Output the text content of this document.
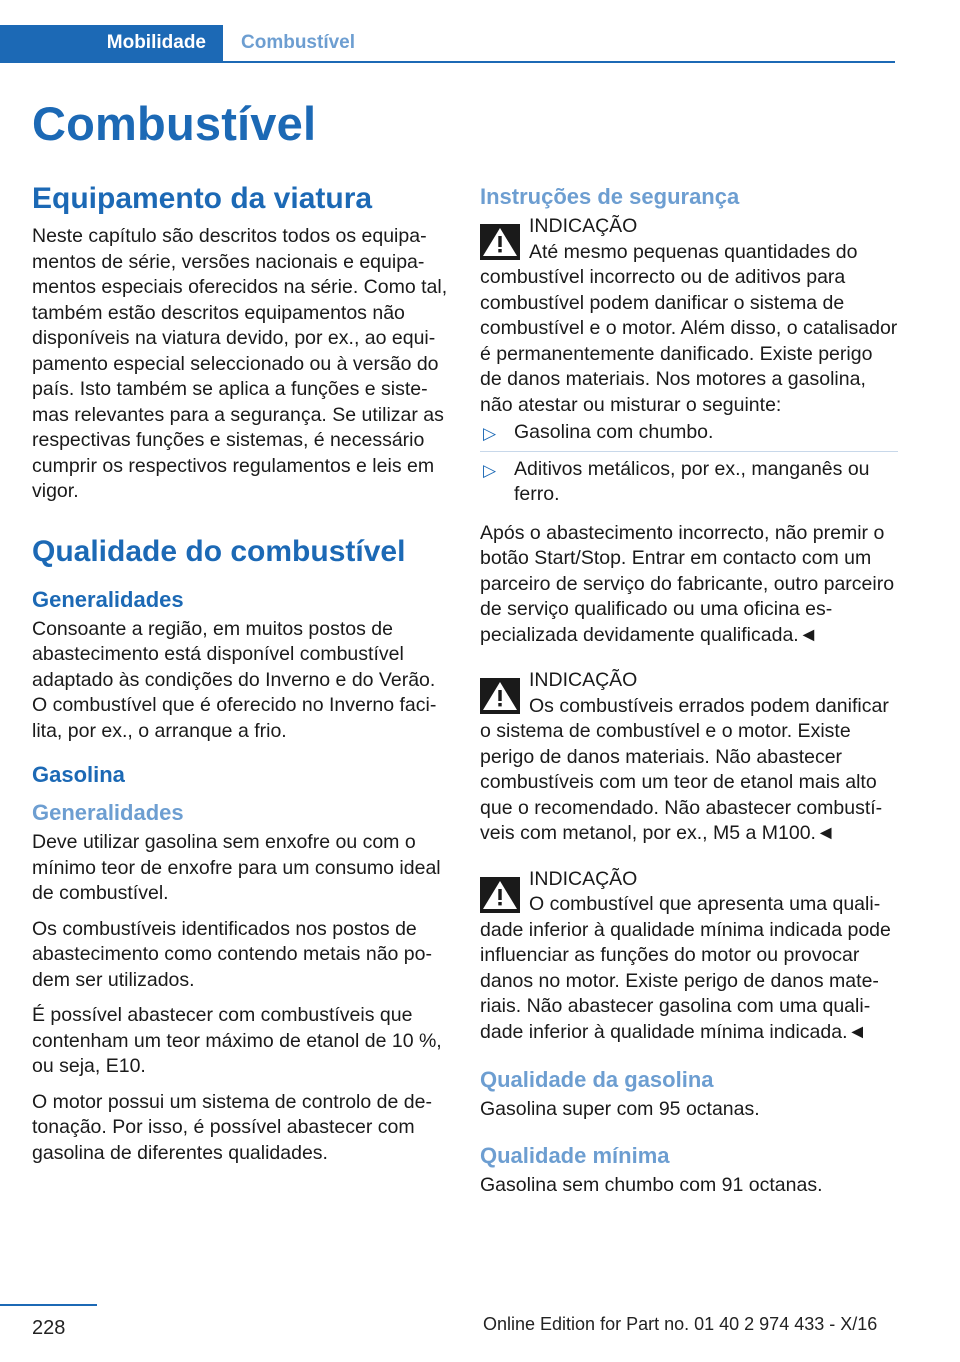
Mobilidade Combustível
Combustível
Equipamento da viatura

Neste capítulo são descritos todos os equipamentos de série, versões nacionais e equipamentos especiais oferecidos na série. Como tal, também estão descritos equipamentos não disponíveis na viatura devido, por ex., ao equipamento especial seleccionado ou à versão do país. Isto também se aplica a funções e sistemas relevantes para a segurança. Se utilizar as respectivas funções e sistemas, é necessário cumprir os respectivos regulamentos e leis em vigor.

Qualidade do combustível
Generalidades

Consoante a região, em muitos postos de abastecimento está disponível combustível adaptado às condições do Inverno e do Verão. O combustível que é oferecido no Inverno facilita, por ex., o arranque a frio.

Gasolina
Generalidades

Deve utilizar gasolina sem enxofre ou com o mínimo teor de enxofre para um consumo ideal de combustível.

Os combustíveis identificados nos postos de abastecimento como contendo metais não podem ser utilizados.

É possível abastecer com combustíveis que contenham um teor máximo de etanol de 10 %, ou seja, E10.

O motor possui um sistema de controlo de detonação. Por isso, é possível abastecer com gasolina de diferentes qualidades.

Instruções de segurança
INDICAÇÃO

Até mesmo pequenas quantidades do combustível incorrecto ou de aditivos para combustível podem danificar o sistema de combustível e o motor. Além disso, o catalisador é permanentemente danificado. Existe perigo de danos materiais. Nos motores a gasolina, não atestar ou misturar o seguinte:

▷ Gasolina com chumbo.
▷ Aditivos metálicos, por ex., manganês ou ferro.

Após o abastecimento incorrecto, não premir o botão Start/Stop. Entrar em contacto com um parceiro de serviço do fabricante, outro parceiro de serviço qualificado ou uma oficina especializada devidamente qualificada.◄

INDICAÇÃO

Os combustíveis errados podem danificar o sistema de combustível e o motor. Existe perigo de danos materiais. Não abastecer combustíveis com um teor de etanol mais alto que o recomendado. Não abastecer combustíveis com metanol, por ex., M5 a M100.◄

INDICAÇÃO

O combustível que apresenta uma qualidade inferior à qualidade mínima indicada pode influenciar as funções do motor ou provocar danos no motor. Existe perigo de danos materiais. Não abastecer gasolina com uma qualidade inferior à qualidade mínima indicada.◄

Qualidade da gasolina

Gasolina super com 95 octanas.

Qualidade mínima

Gasolina sem chumbo com 91 octanas.

228	Online Edition for Part no. 01 40 2 974 433 - X/16
